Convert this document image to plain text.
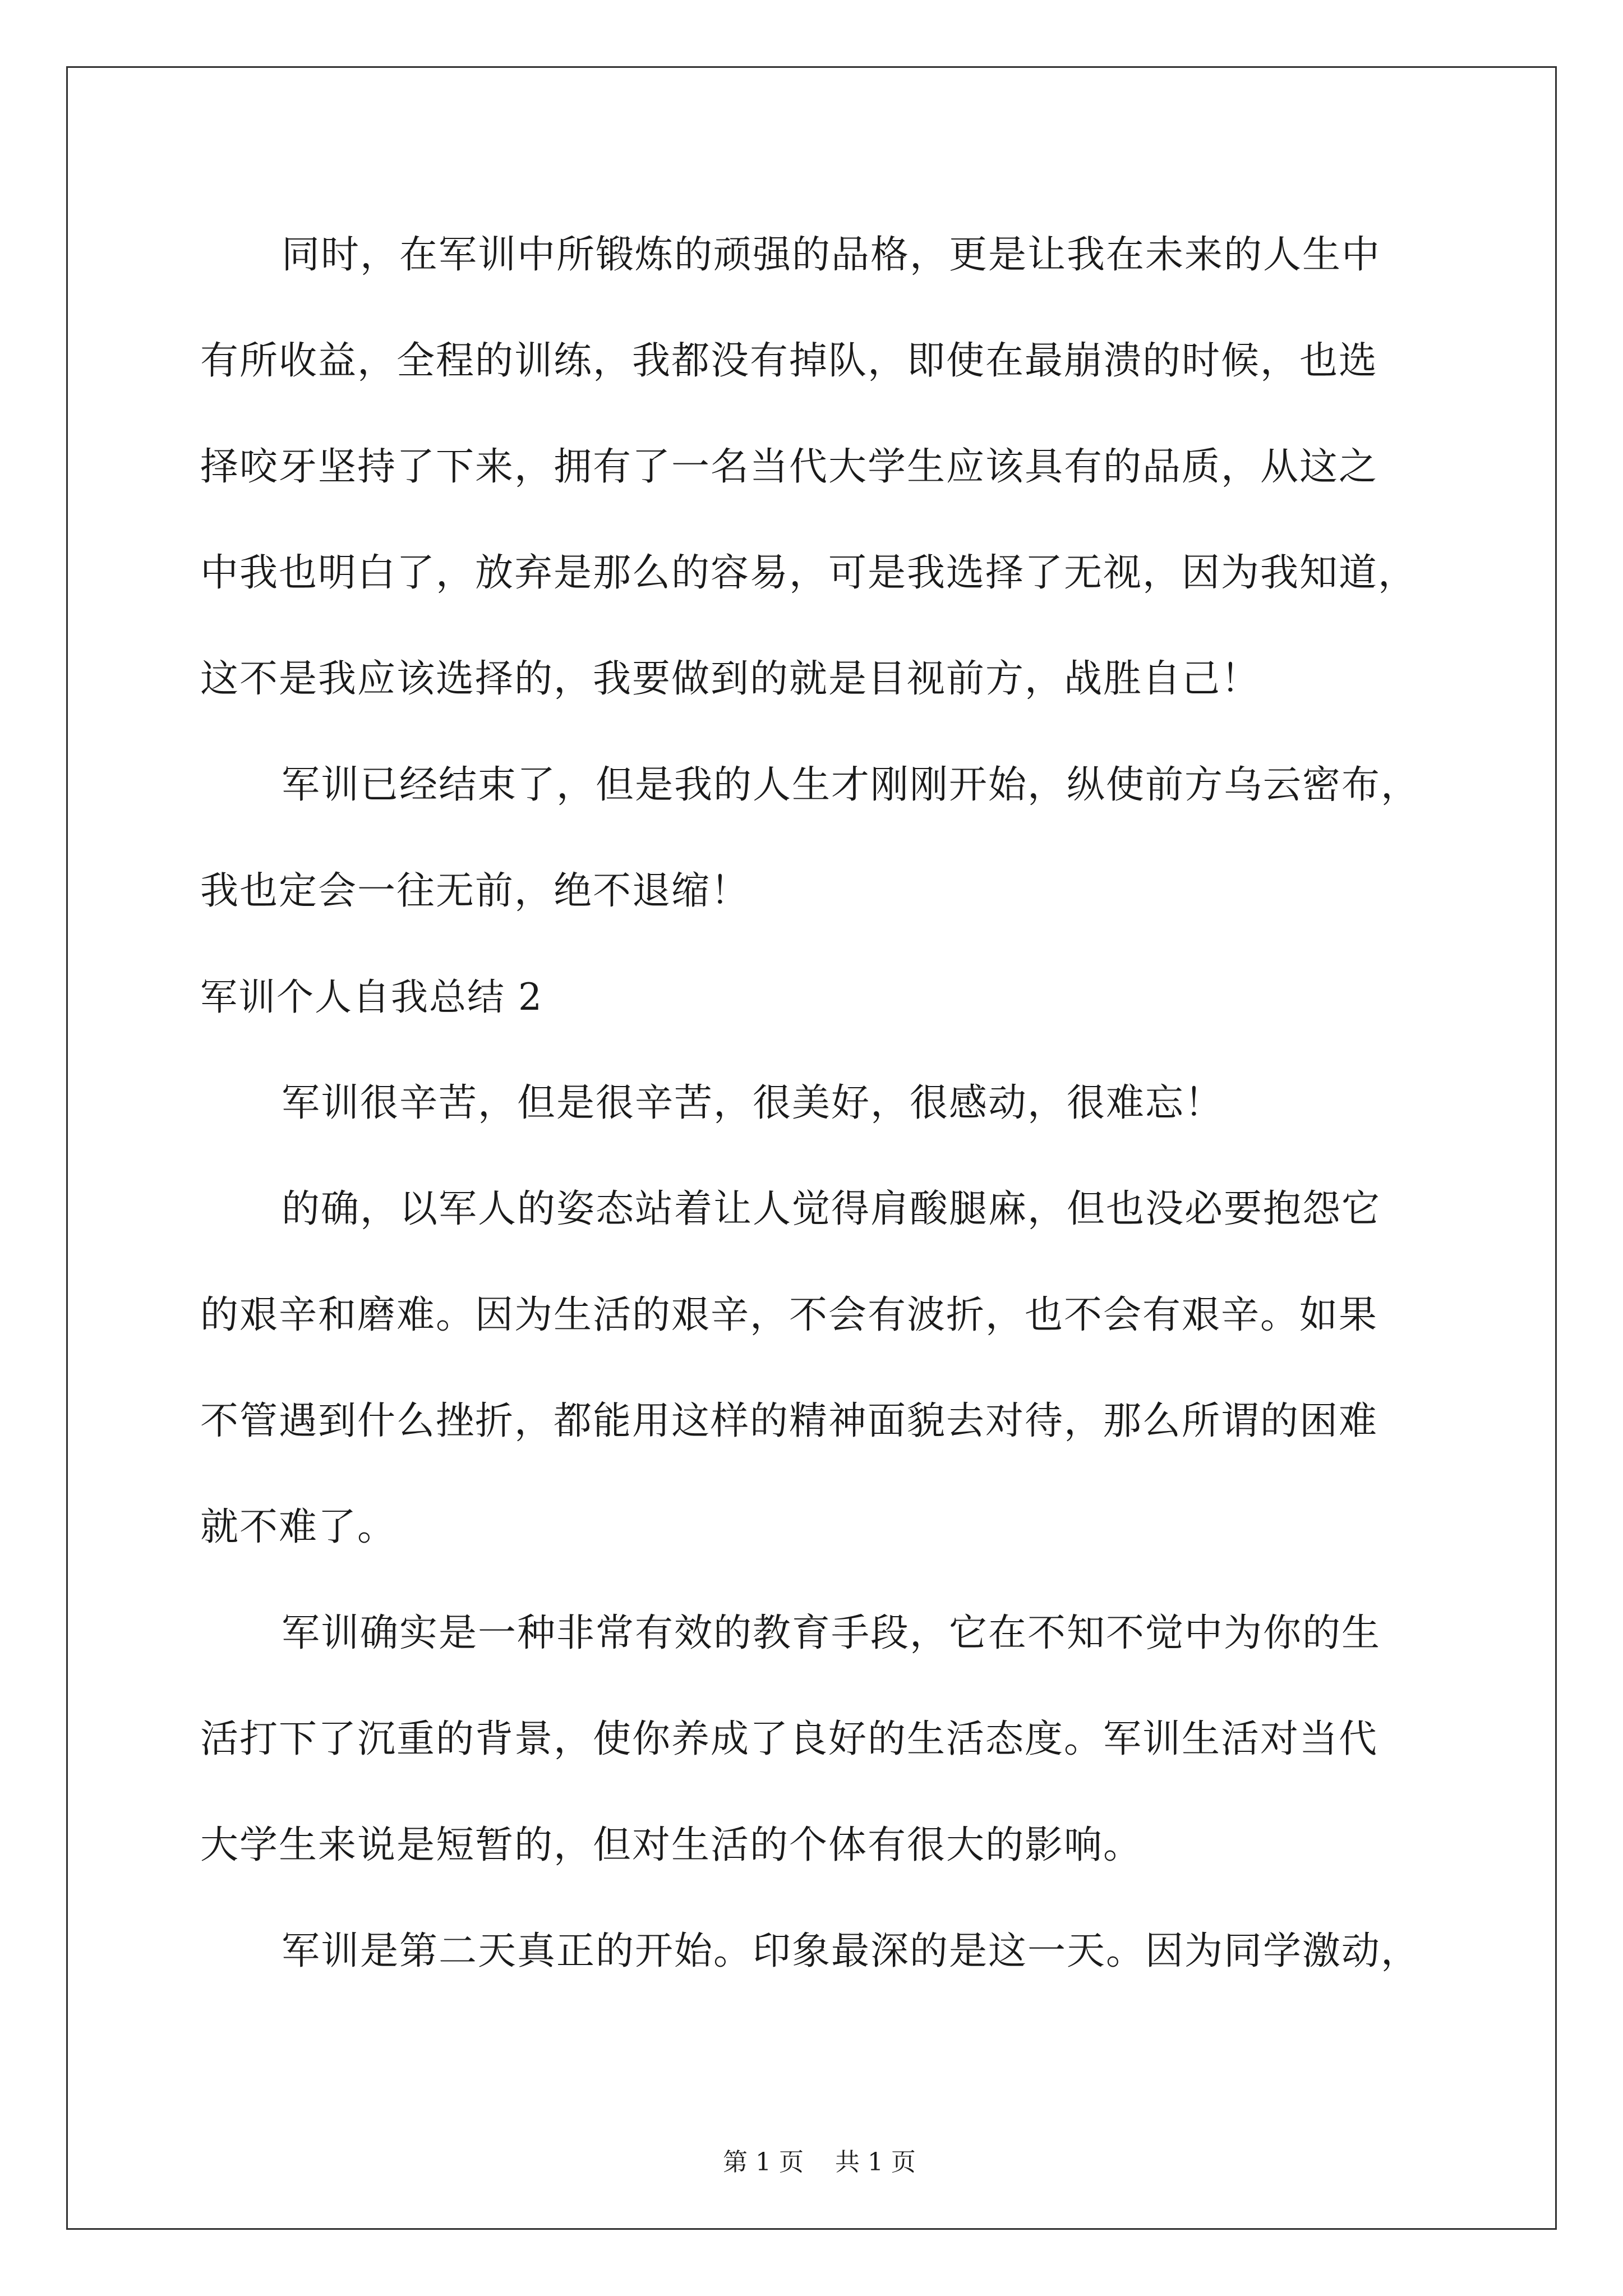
同时，在军训中所锻炼的顽强的品格，更是让我在未来的人生中
有所收益，全程的训练，我都没有掉队，即使在最崩溃的时候，也选
择咬牙坚持了下来，拥有了一名当代大学生应该具有的品质，从这之
中我也明白了，放弃是那么的容易，可是我选择了无视，因为我知道，
这不是我应该选择的，我要做到的就是目视前方，战胜自己！
军训已经结束了，但是我的人生才刚刚开始，纵使前方乌云密布，
我也定会一往无前，绝不退缩！
军训个人自我总结 2
军训很辛苦，但是很辛苦，很美好，很感动，很难忘！
的确，以军人的姿态站着让人觉得肩酸腿麻，但也没必要抱怨它
的艰辛和磨难。因为生活的艰辛，不会有波折，也不会有艰辛。如果
不管遇到什么挫折，都能用这样的精神面貌去对待，那么所谓的困难
就不难了。
军训确实是一种非常有效的教育手段，它在不知不觉中为你的生
活打下了沉重的背景，使你养成了良好的生活态度。军训生活对当代
大学生来说是短暂的，但对生活的个体有很大的影响。
军训是第二天真正的开始。印象最深的是这一天。因为同学激动，

第 1 页    共 1 页
